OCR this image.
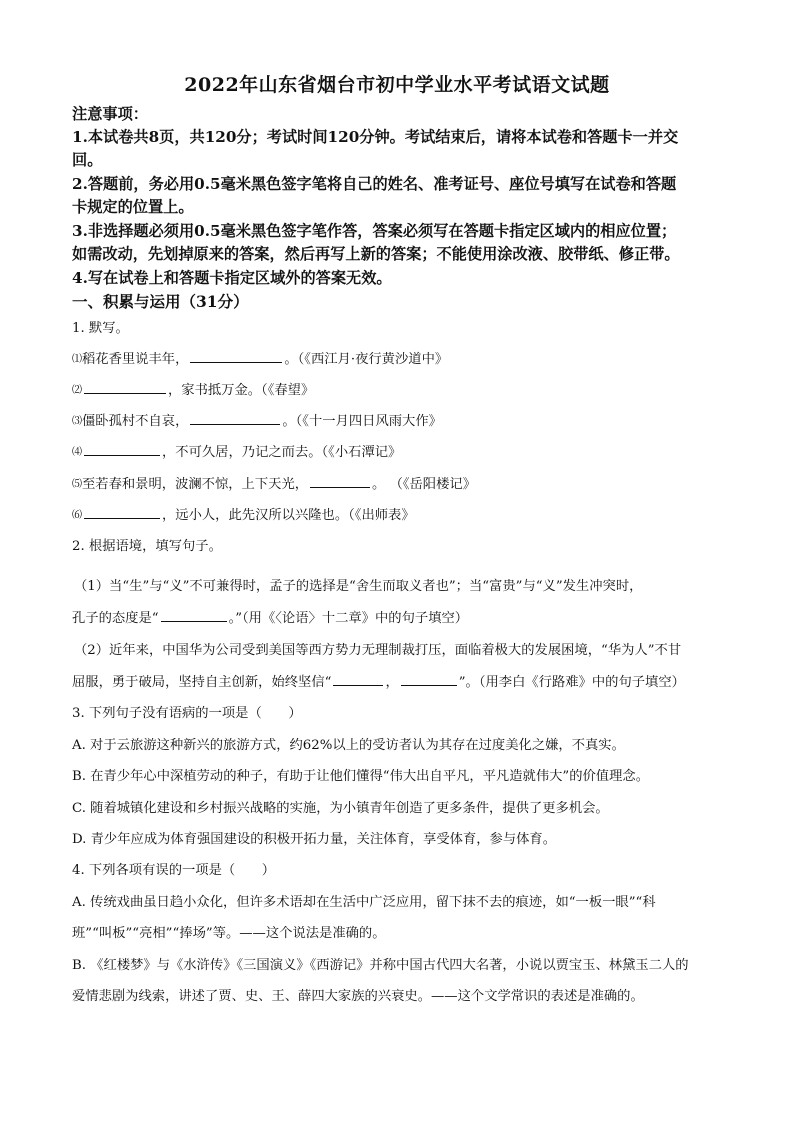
2022年山东省烟台市初中学业水平考试语文试题
注意事项：
1.本试卷共8页，共120分；考试时间120分钟。考试结束后，请将本试卷和答题卡一并交
回。
2.答题前，务必用0.5毫米黑色签字笔将自己的姓名、准考证号、座位号填写在试卷和答题
卡规定的位置上。
3.非选择题必须用0.5毫米黑色签字笔作答，答案必须写在答题卡指定区域内的相应位置；
如需改动，先划掉原来的答案，然后再写上新的答案；不能使用涂改液、胶带纸、修正带。
4.写在试卷上和答题卡指定区域外的答案无效。
一、积累与运用（31分）
1. 默写。
⑴稻花香里说丰年，	。（《西江月·夜行黄沙道中》
⑵	，家书抵万金。（《春望》
⑶僵卧孤村不自哀，	。（《十一月四日风雨大作》
⑷	，不可久居，乃记之而去。（《小石潭记》
⑸至若春和景明，波澜不惊，上下天光，	。 （《岳阳楼记》
⑹	，远小人，此先汉所以兴隆也。（《出师表》
2. 根据语境，填写句子。
（1）当“生”与“义”不可兼得时，孟子的选择是“舍生而取义者也”；当“富贵”与“义”发生冲突时，
孔子的态度是“	。”（用《〈论语〉十二章》中的句子填空）
（2）近年来，中国华为公司受到美国等西方势力无理制裁打压，面临着极大的发展困境，“华为人”不甘
屈服，勇于破局，坚持自主创新，始终坚信“	，	”。（用李白《行路难》中的句子填空）
3. 下列句子没有语病的一项是（　　）
A. 对于云旅游这种新兴的旅游方式，约62%以上的受访者认为其存在过度美化之嫌，不真实。
B. 在青少年心中深植劳动的种子，有助于让他们懂得“伟大出自平凡，平凡造就伟大”的价值理念。
C. 随着城镇化建设和乡村振兴战略的实施，为小镇青年创造了更多条件，提供了更多机会。
D. 青少年应成为体育强国建设的积极开拓力量，关注体育，享受体育，参与体育。
4. 下列各项有误的一项是（　　）
A. 传统戏曲虽日趋小众化，但许多术语却在生活中广泛应用，留下抹不去的痕迹，如“一板一眼”“科
班”“叫板”“亮相”“捧场”等。——这个说法是准确的。
B. 《红楼梦》与《水浒传》《三国演义》《西游记》并称中国古代四大名著，小说以贾宝玉、林黛玉二人的
爱情悲剧为线索，讲述了贾、史、王、薛四大家族的兴衰史。——这个文学常识的表述是准确的。
